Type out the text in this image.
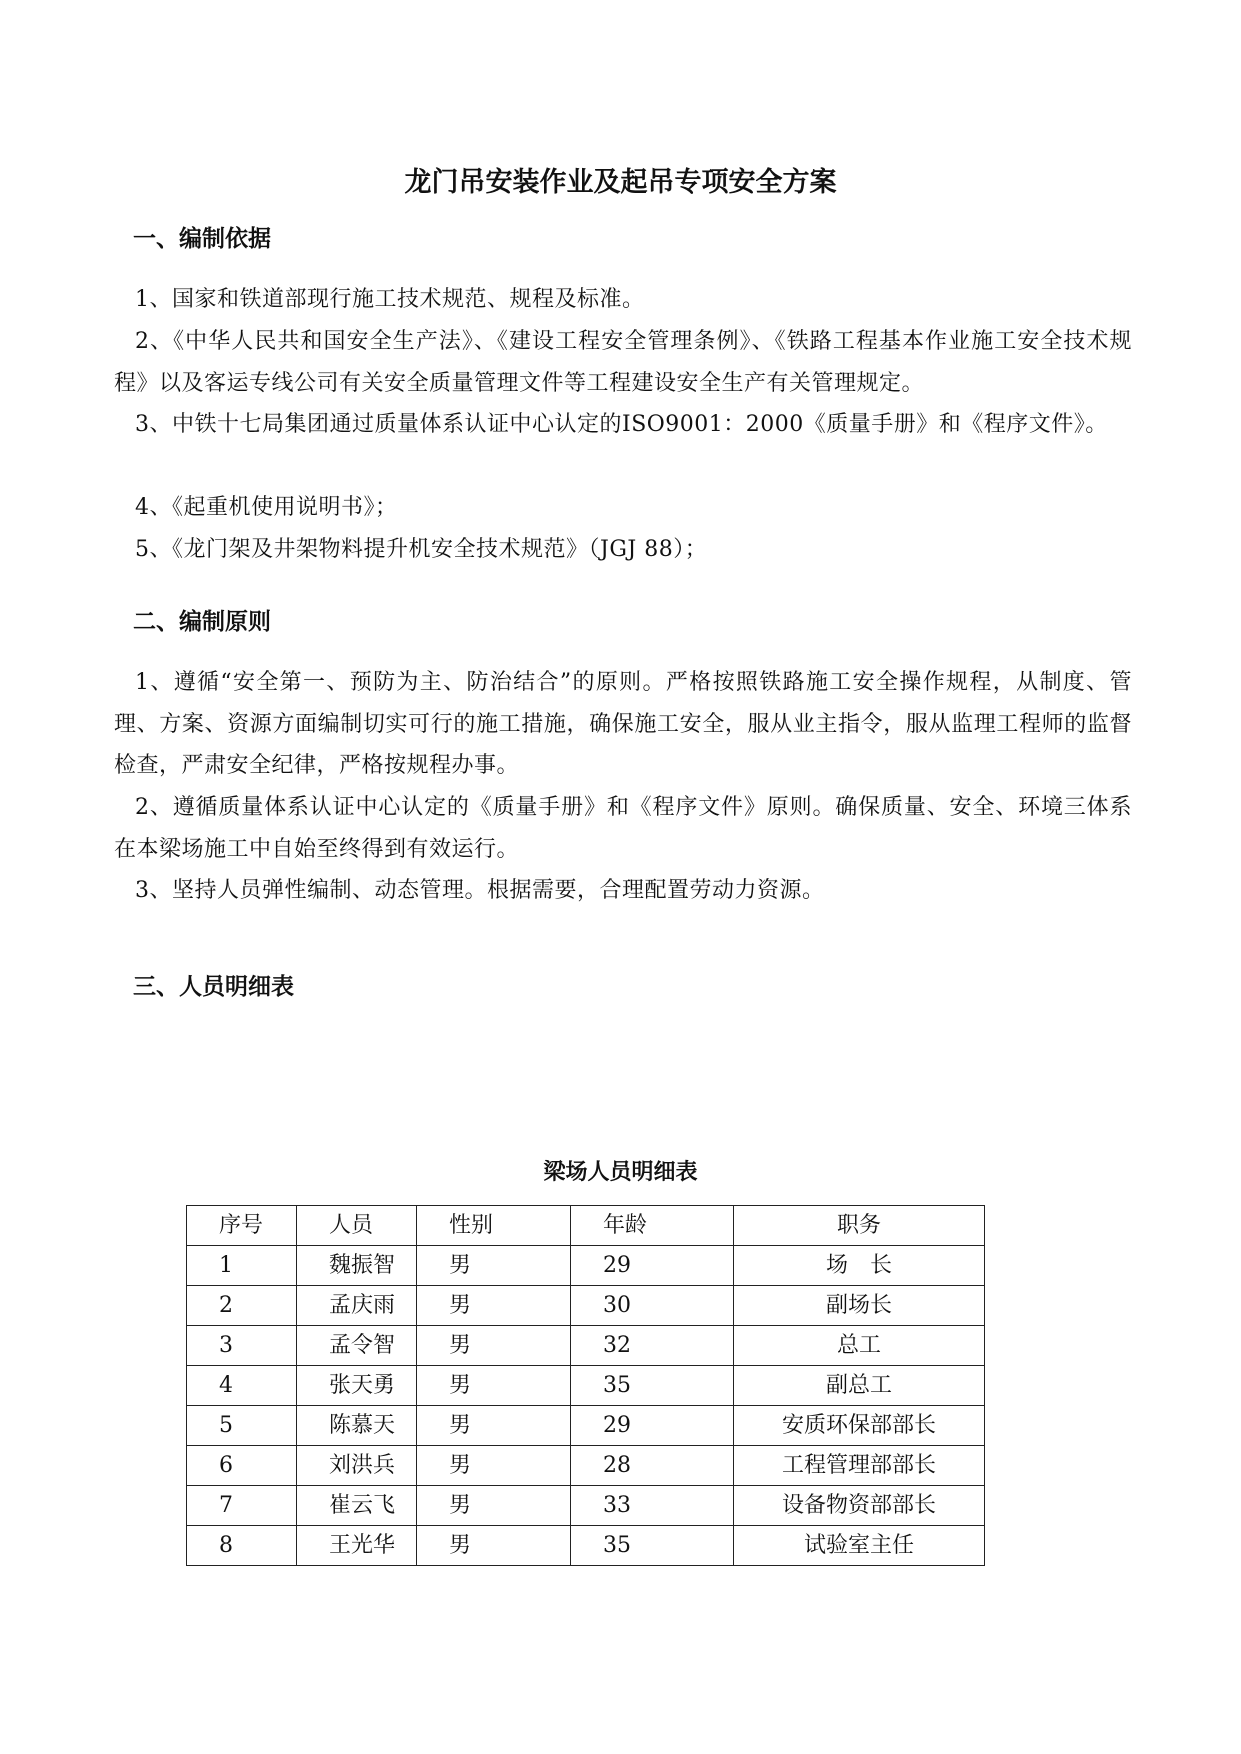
龙门吊安装作业及起吊专项安全方案
一、编制依据
1、国家和铁道部现行施工技术规范、规程及标准。
2、《中华人民共和国安全生产法》、《建设工程安全管理条例》、《铁路工程基本作业施工安全技术规程》以及客运专线公司有关安全质量管理文件等工程建设安全生产有关管理规定。
3、中铁十七局集团通过质量体系认证中心认定的ISO9001：2000《质量手册》和《程序文件》。
4、《起重机使用说明书》；
5、《龙门架及井架物料提升机安全技术规范》（JGJ 88）；
二、编制原则
1、遵循“安全第一、预防为主、防治结合”的原则。严格按照铁路施工安全操作规程，从制度、管理、方案、资源方面编制切实可行的施工措施，确保施工安全，服从业主指令，服从监理工程师的监督检查，严肃安全纪律，严格按规程办事。
2、遵循质量体系认证中心认定的《质量手册》和《程序文件》原则。确保质量、安全、环境三体系在本梁场施工中自始至终得到有效运行。
3、坚持人员弹性编制、动态管理。根据需要，合理配置劳动力资源。
三、人员明细表
梁场人员明细表
序号	人员	性别	年龄	职务
1	魏振智	男	29	场　长
2	孟庆雨	男	30	副场长
3	孟令智	男	32	总工
4	张天勇	男	35	副总工
5	陈慕天	男	29	安质环保部部长
6	刘洪兵	男	28	工程管理部部长
7	崔云飞	男	33	设备物资部部长
8	王光华	男	35	试验室主任
